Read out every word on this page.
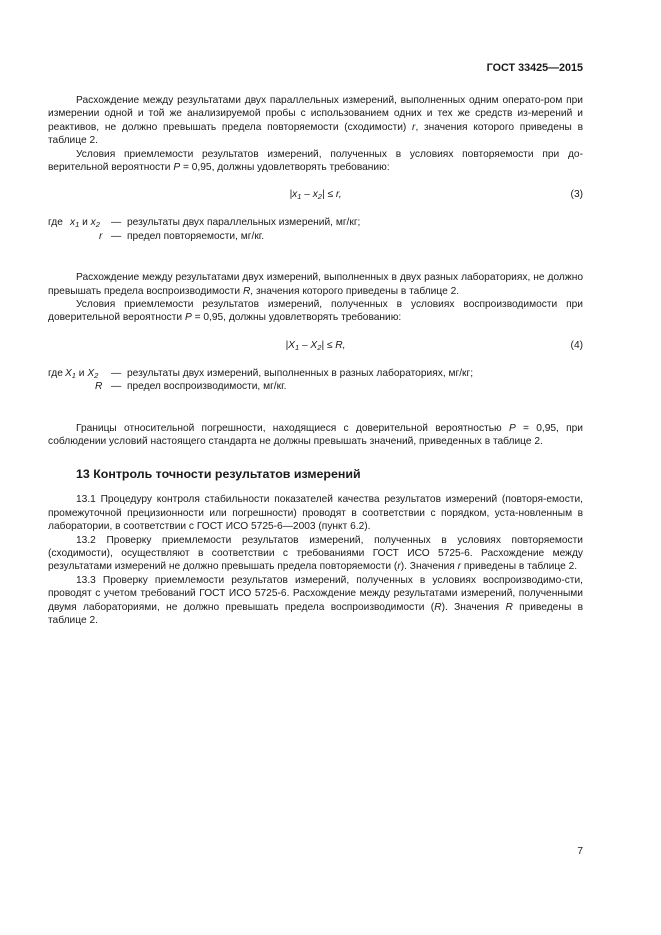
ГОСТ 33425—2015

Расхождение между результатами двух параллельных измерений, выполненных одним операто-ром при измерении одной и той же анализируемой пробы с использованием одних и тех же средств из-мерений и реактивов, не должно превышать предела повторяемости (сходимости) r, значения которого приведены в таблице 2.

Условия приемлемости результатов измерений, полученных в условиях повторяемости при до-верительной вероятности P = 0,95, должны удовлетворять требованию:

$|x_1 - x_2| \le r$,	(3)
где $x_1$ и $x_2$ — результаты двух параллельных измерений, мг/кг;
r — предел повторяемости, мг/кг.

Расхождение между результатами двух измерений, выполненных в двух разных лабораториях, не должно превышать предела воспроизводимости R, значения которого приведены в таблице 2.

Условия приемлемости результатов измерений, полученных в условиях воспроизводимости при доверительной вероятности P = 0,95, должны удовлетворять требованию:

$|X_1 - X_2| \le R$,	(4)
где $X_1$ и $X_2$ — результаты двух измерений, выполненных в разных лабораториях, мг/кг;
R — предел воспроизводимости, мг/кг.

Границы относительной погрешности, находящиеся с доверительной вероятностью P = 0,95, при соблюдении условий настоящего стандарта не должны превышать значений, приведенных в таблице 2.

13 Контроль точности результатов измерений

13.1 Процедуру контроля стабильности показателей качества результатов измерений (повторя-емости, промежуточной прецизионности или погрешности) проводят в соответствии с порядком, уста-новленным в лаборатории, в соответствии с ГОСТ ИСО 5725-6—2003 (пункт 6.2).

13.2 Проверку приемлемости результатов измерений, полученных в условиях повторяемости (сходимости), осуществляют в соответствии с требованиями ГОСТ ИСО 5725-6. Расхождение между результатами измерений не должно превышать предела повторяемости (r). Значения r приведены в таблице 2.

13.3 Проверку приемлемости результатов измерений, полученных в условиях воспроизводимо-сти, проводят с учетом требований ГОСТ ИСО 5725-6. Расхождение между результатами измерений, полученными двумя лабораториями, не должно превышать предела воспроизводимости (R). Значения R приведены в таблице 2.

7
